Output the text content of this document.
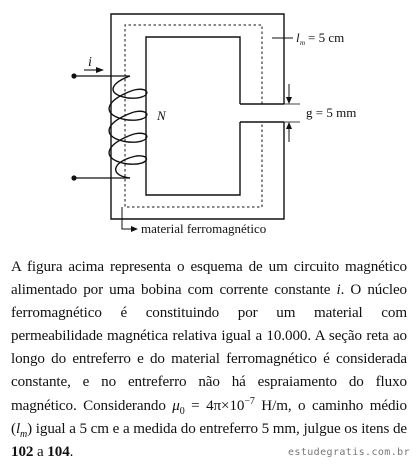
i
N
l m = 5 cm
g = 5 mm
material ferromagnético

A figura acima representa o esquema de um circuito magnético alimentado por uma bobina com corrente constante i. O núcleo ferromagnético é constituindo por um material com permeabilidade magnética relativa igual a 10.000. A seção reta ao longo do entreferro e do material ferromagnético é considerada constante, e no entreferro não há espraiamento do fluxo magnético. Considerando $\mu_0 = 4\pi\times 10^{-7}$ H/m, o caminho médio $(l_m)$ igual a 5 cm e a medida do entreferro 5 mm, julgue os itens de 102 a 104.	estudegratis.com.br
